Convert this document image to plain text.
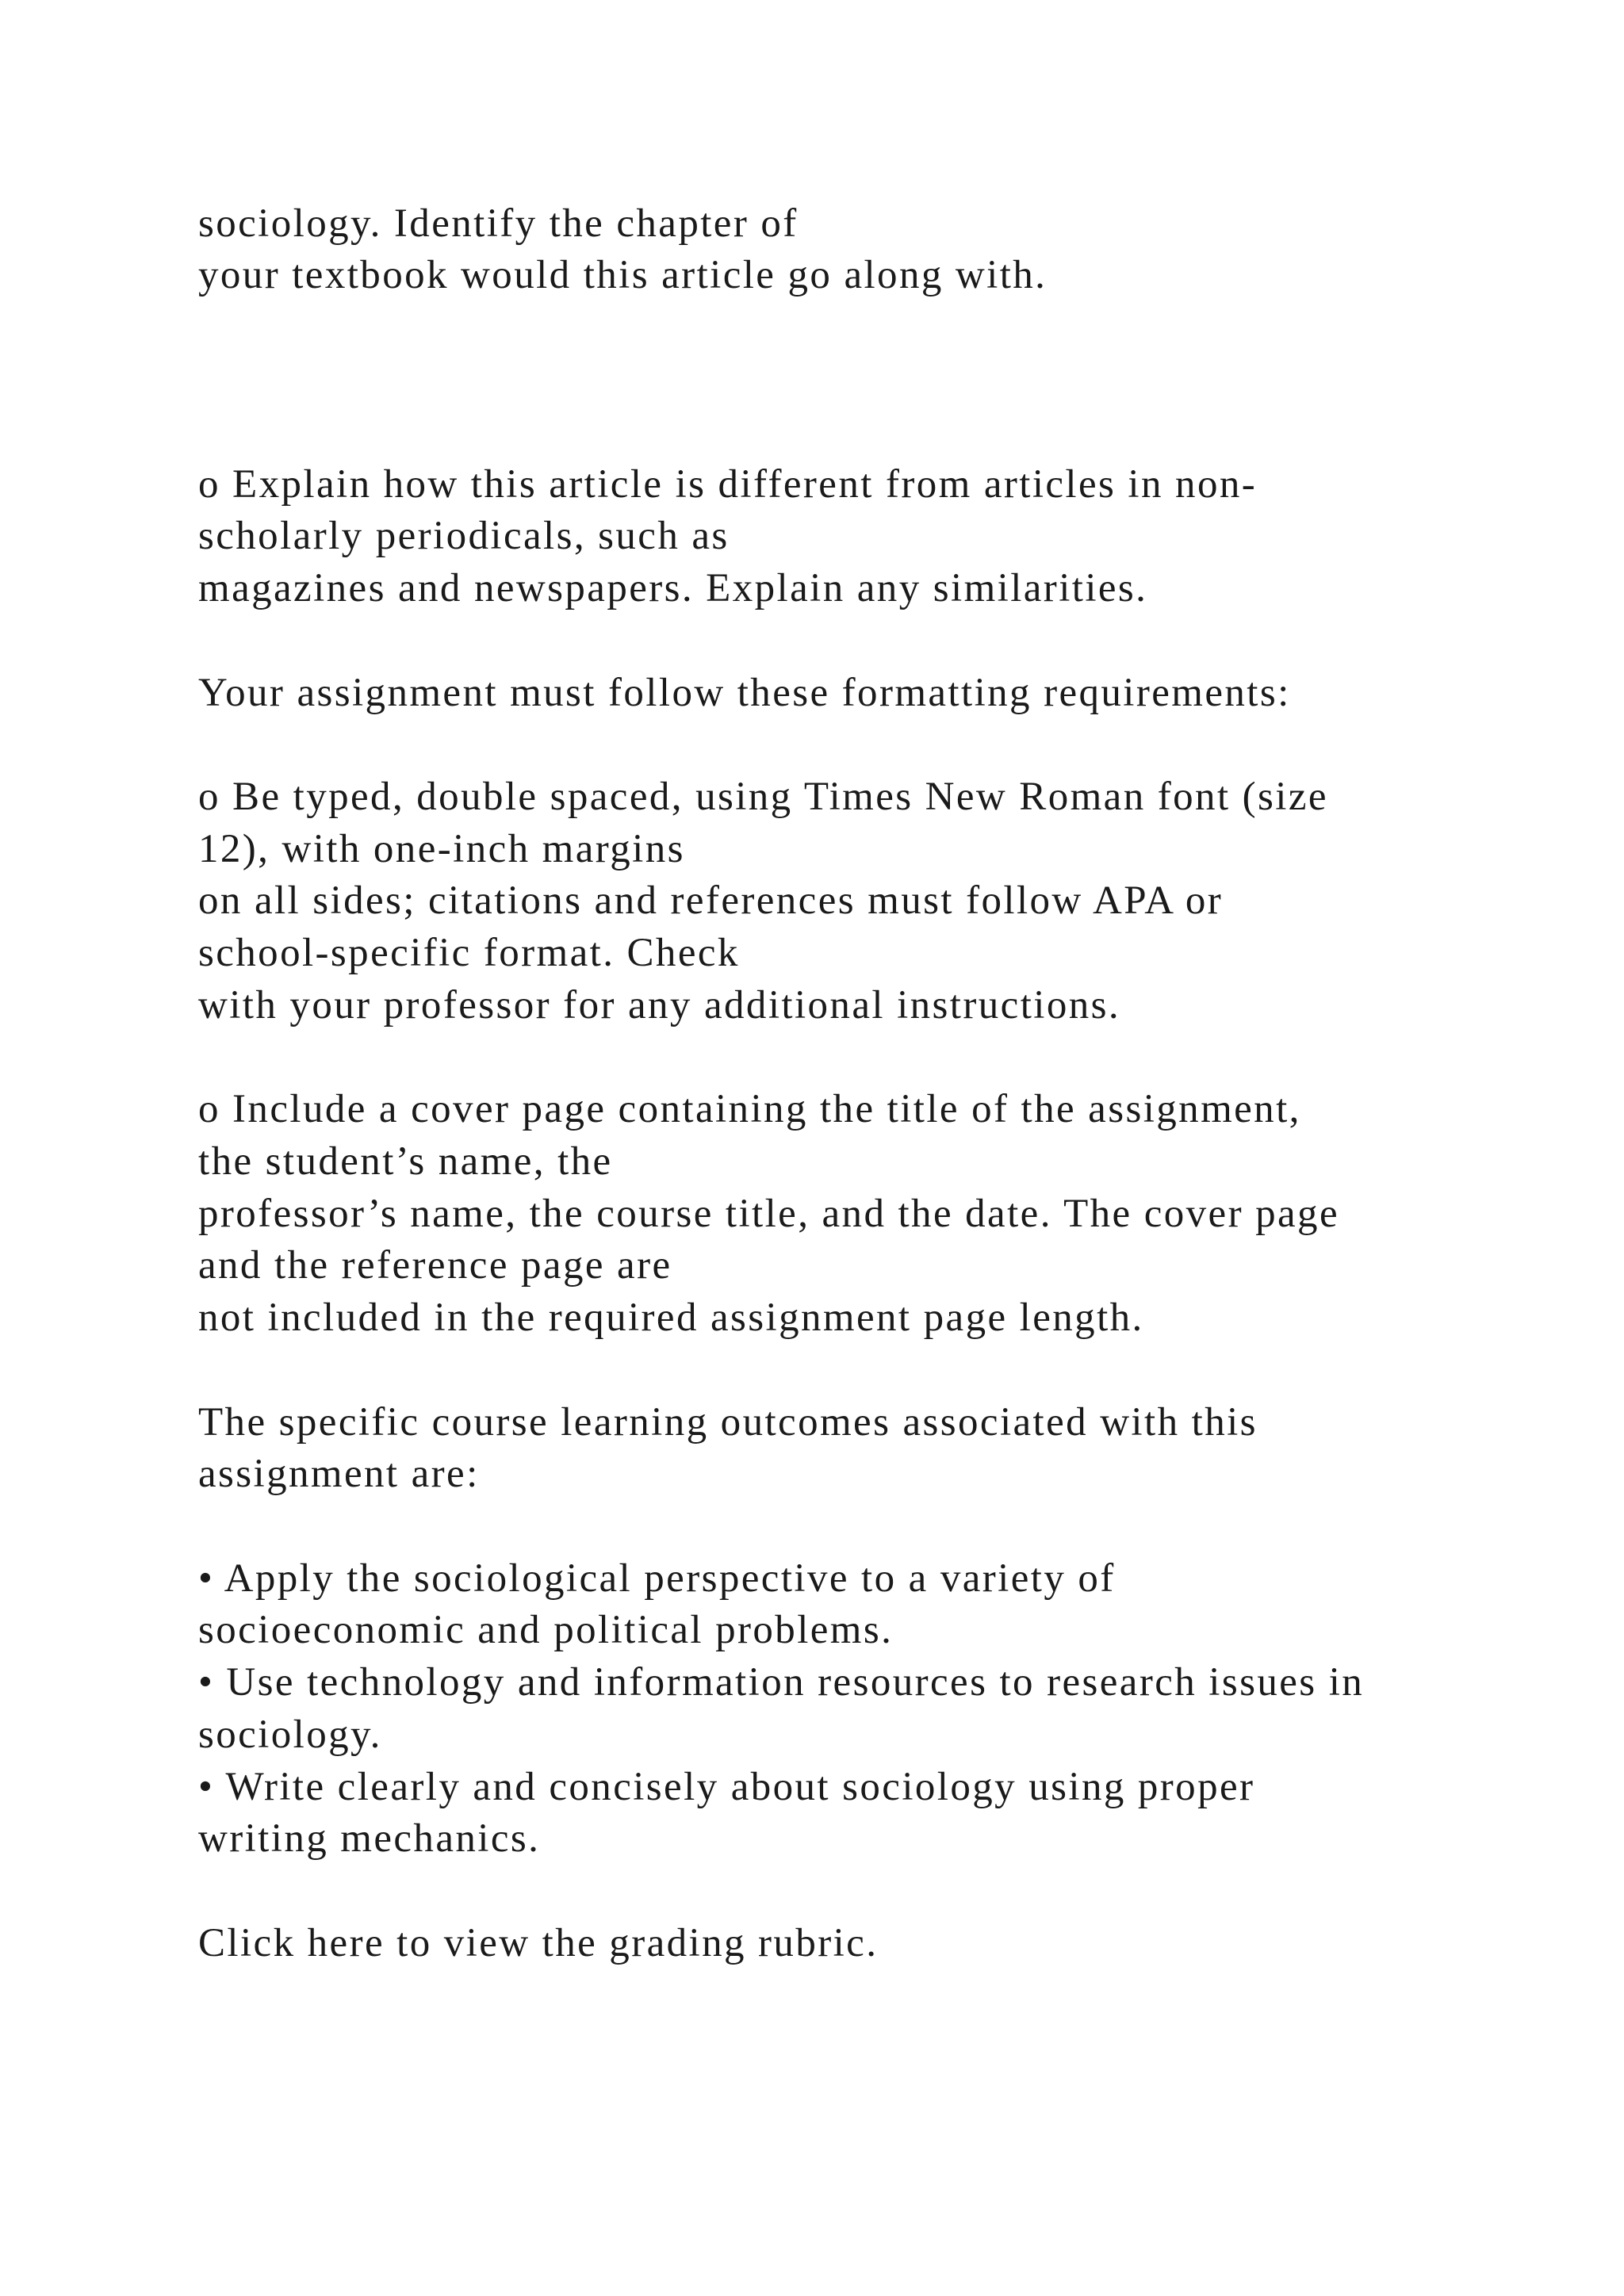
sociology. Identify the chapter of

your textbook would this article go along with.

o Explain how this article is different from articles in non-

scholarly periodicals, such as

magazines and newspapers. Explain any similarities.

Your assignment must follow these formatting requirements:

o Be typed, double spaced, using Times New Roman font (size

12), with one-inch margins

on all sides; citations and references must follow APA or

school-specific format. Check

with your professor for any additional instructions.

o Include a cover page containing the title of the assignment,

the student’s name, the

professor’s name, the course title, and the date. The cover page

and the reference page are

not included in the required assignment page length.

The specific course learning outcomes associated with this

assignment are:

• Apply the sociological perspective to a variety of

socioeconomic and political problems.

• Use technology and information resources to research issues in

sociology.

• Write clearly and concisely about sociology using proper

writing mechanics.

Click here to view the grading rubric.
